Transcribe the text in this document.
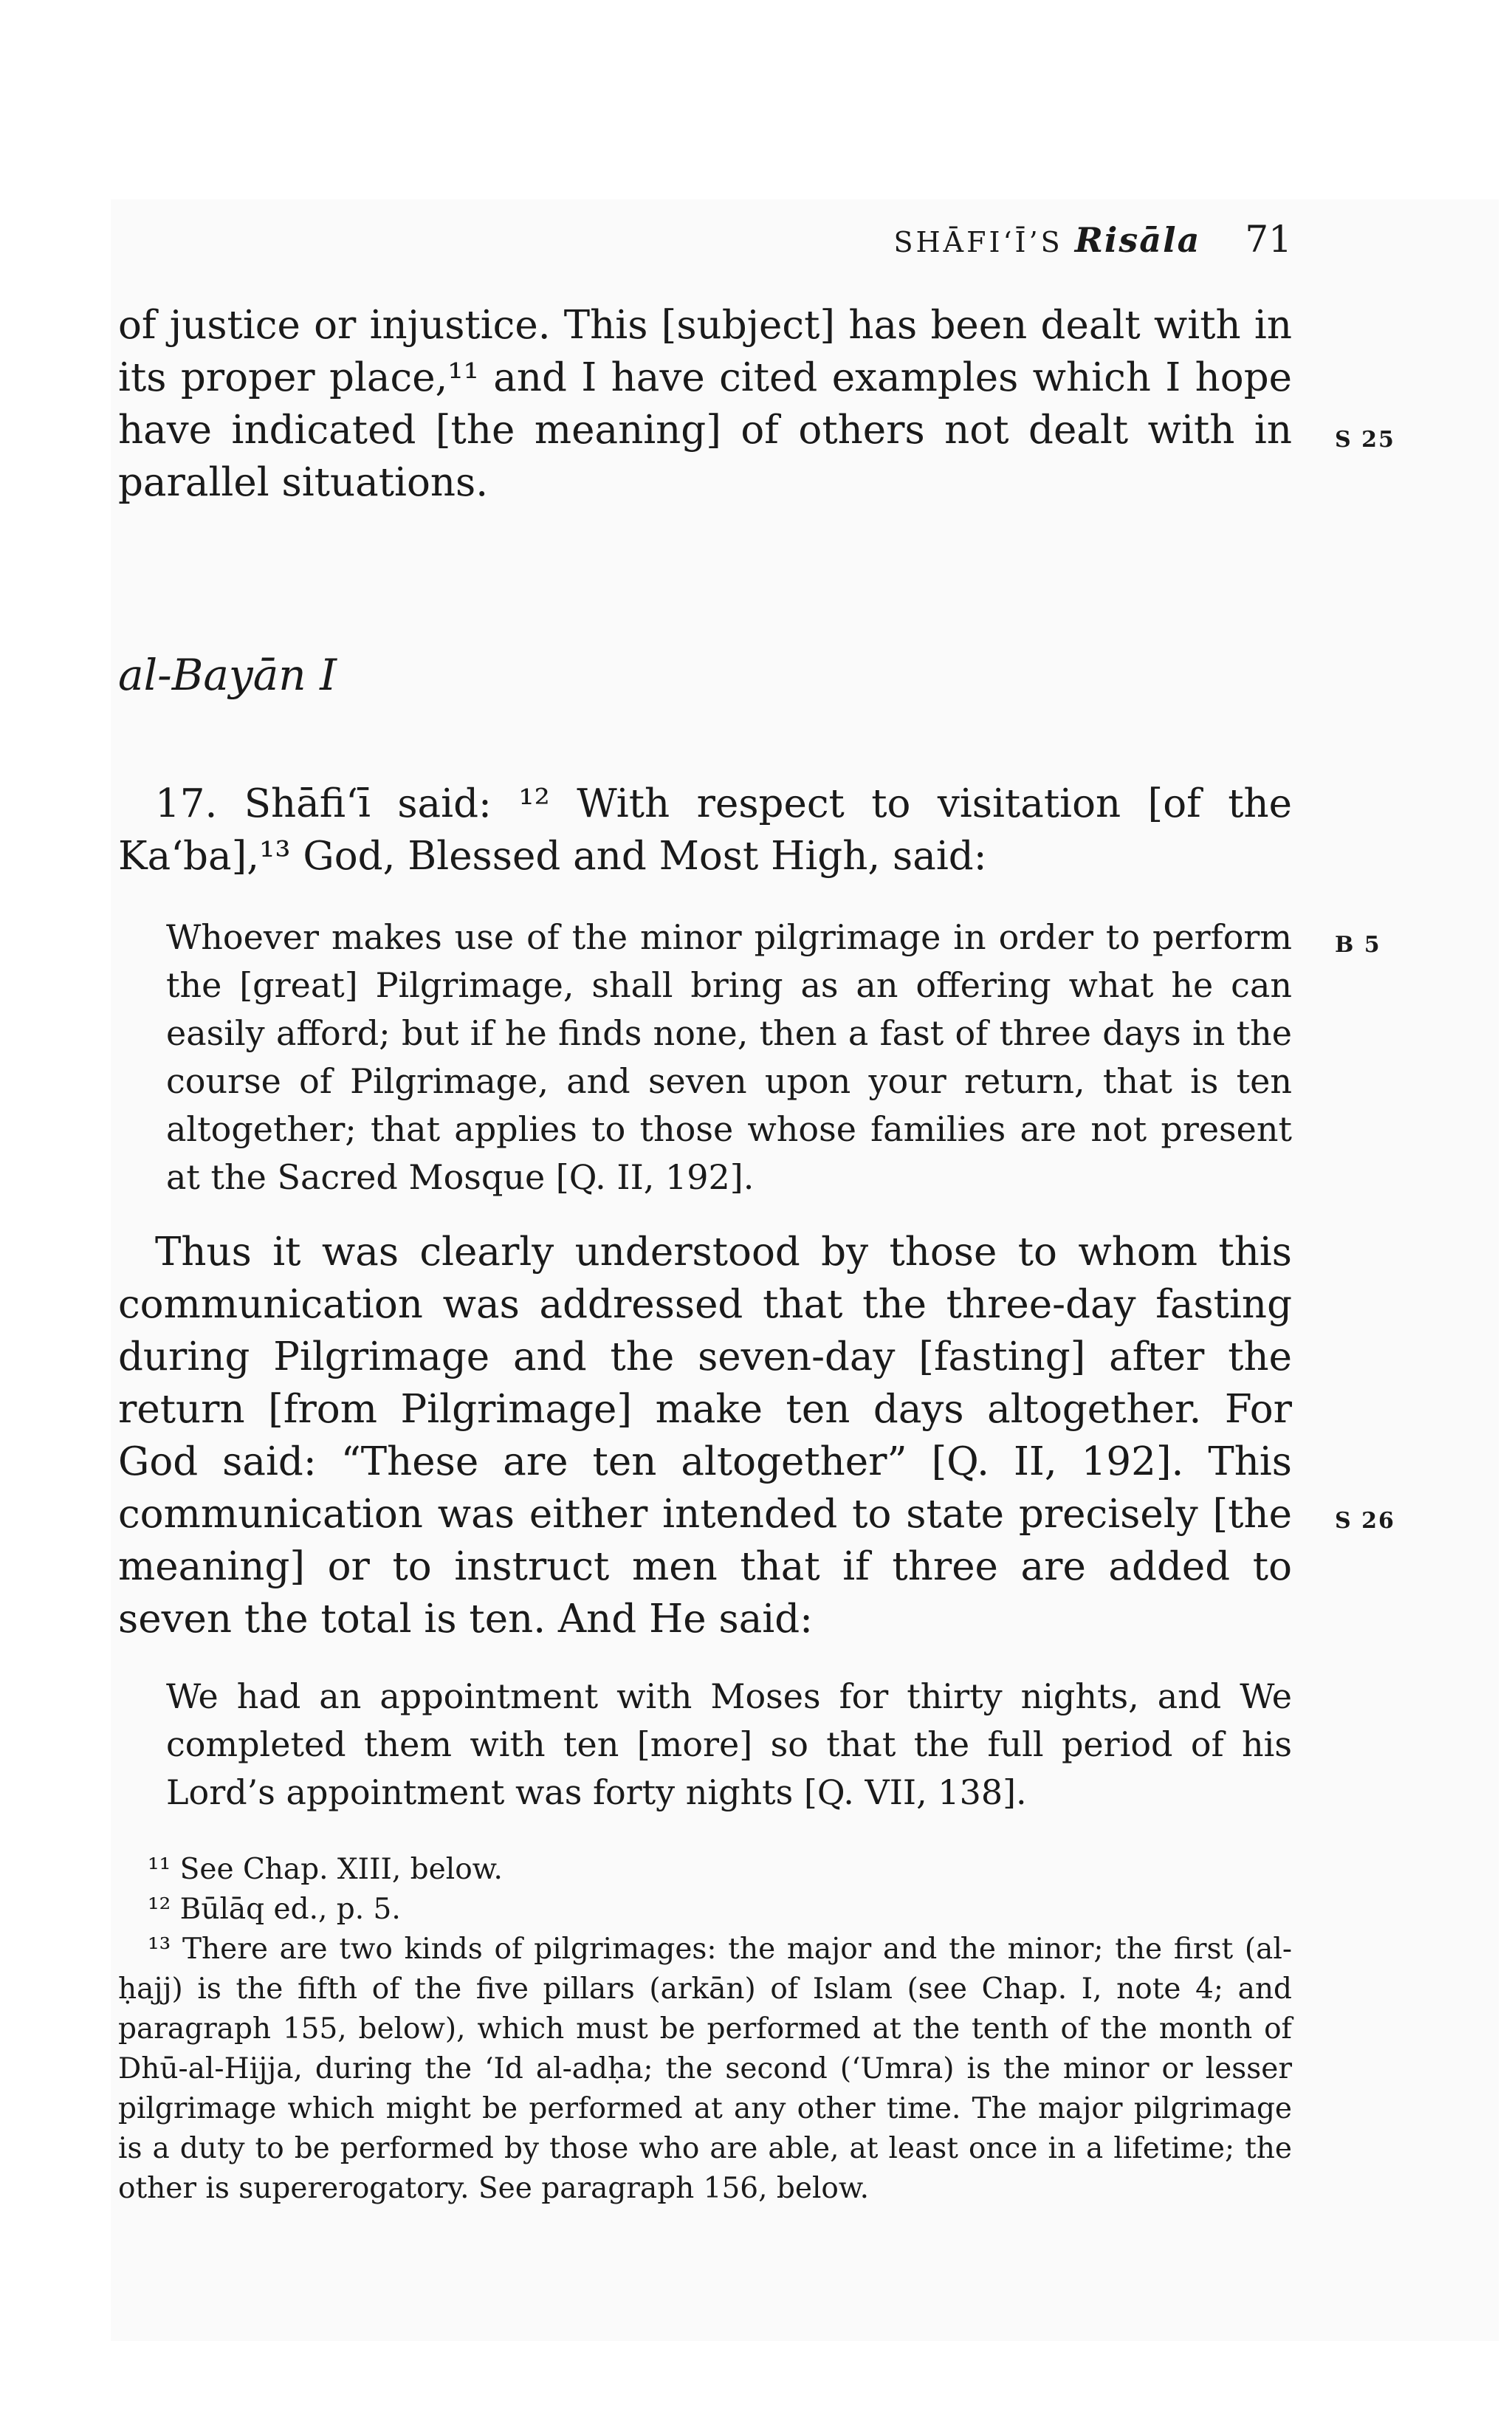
SHĀFI‘Ī’S Risāla 71

of justice or injustice. This [subject] has been dealt with in its proper place,¹¹ and I have cited examples which I hope have indicated [the meaning] of others not dealt with in parallel situations.

S 25
al-Bayān I

17. Shāfi‘ī said: ¹² With respect to visitation [of the Ka‘ba],¹³ God, Blessed and Most High, said:

Whoever makes use of the minor pilgrimage in order to perform the [great] Pilgrimage, shall bring as an offering what he can easily afford; but if he finds none, then a fast of three days in the course of Pilgrimage, and seven upon your return, that is ten altogether; that applies to those whose families are not present at the Sacred Mosque [Q. II, 192].

B 5

Thus it was clearly understood by those to whom this communication was addressed that the three-day fasting during Pilgrimage and the seven-day [fasting] after the return [from Pilgrimage] make ten days altogether. For God said: “These are ten altogether” [Q. II, 192]. This communication was either intended to state precisely [the meaning] or to instruct men that if three are added to seven the total is ten. And He said:

S 26

We had an appointment with Moses for thirty nights, and We completed them with ten [more] so that the full period of his Lord’s appointment was forty nights [Q. VII, 138].

¹¹ See Chap. XIII, below.

¹² Būlāq ed., p. 5.

¹³ There are two kinds of pilgrimages: the major and the minor; the first (al-ḥajj) is the fifth of the five pillars (arkān) of Islam (see Chap. I, note 4; and paragraph 155, below), which must be performed at the tenth of the month of Dhū-al-Hijja, during the ‘Id al-adḥa; the second (‘Umra) is the minor or lesser pilgrimage which might be performed at any other time. The major pilgrimage is a duty to be performed by those who are able, at least once in a lifetime; the other is supererogatory. See paragraph 156, below.
